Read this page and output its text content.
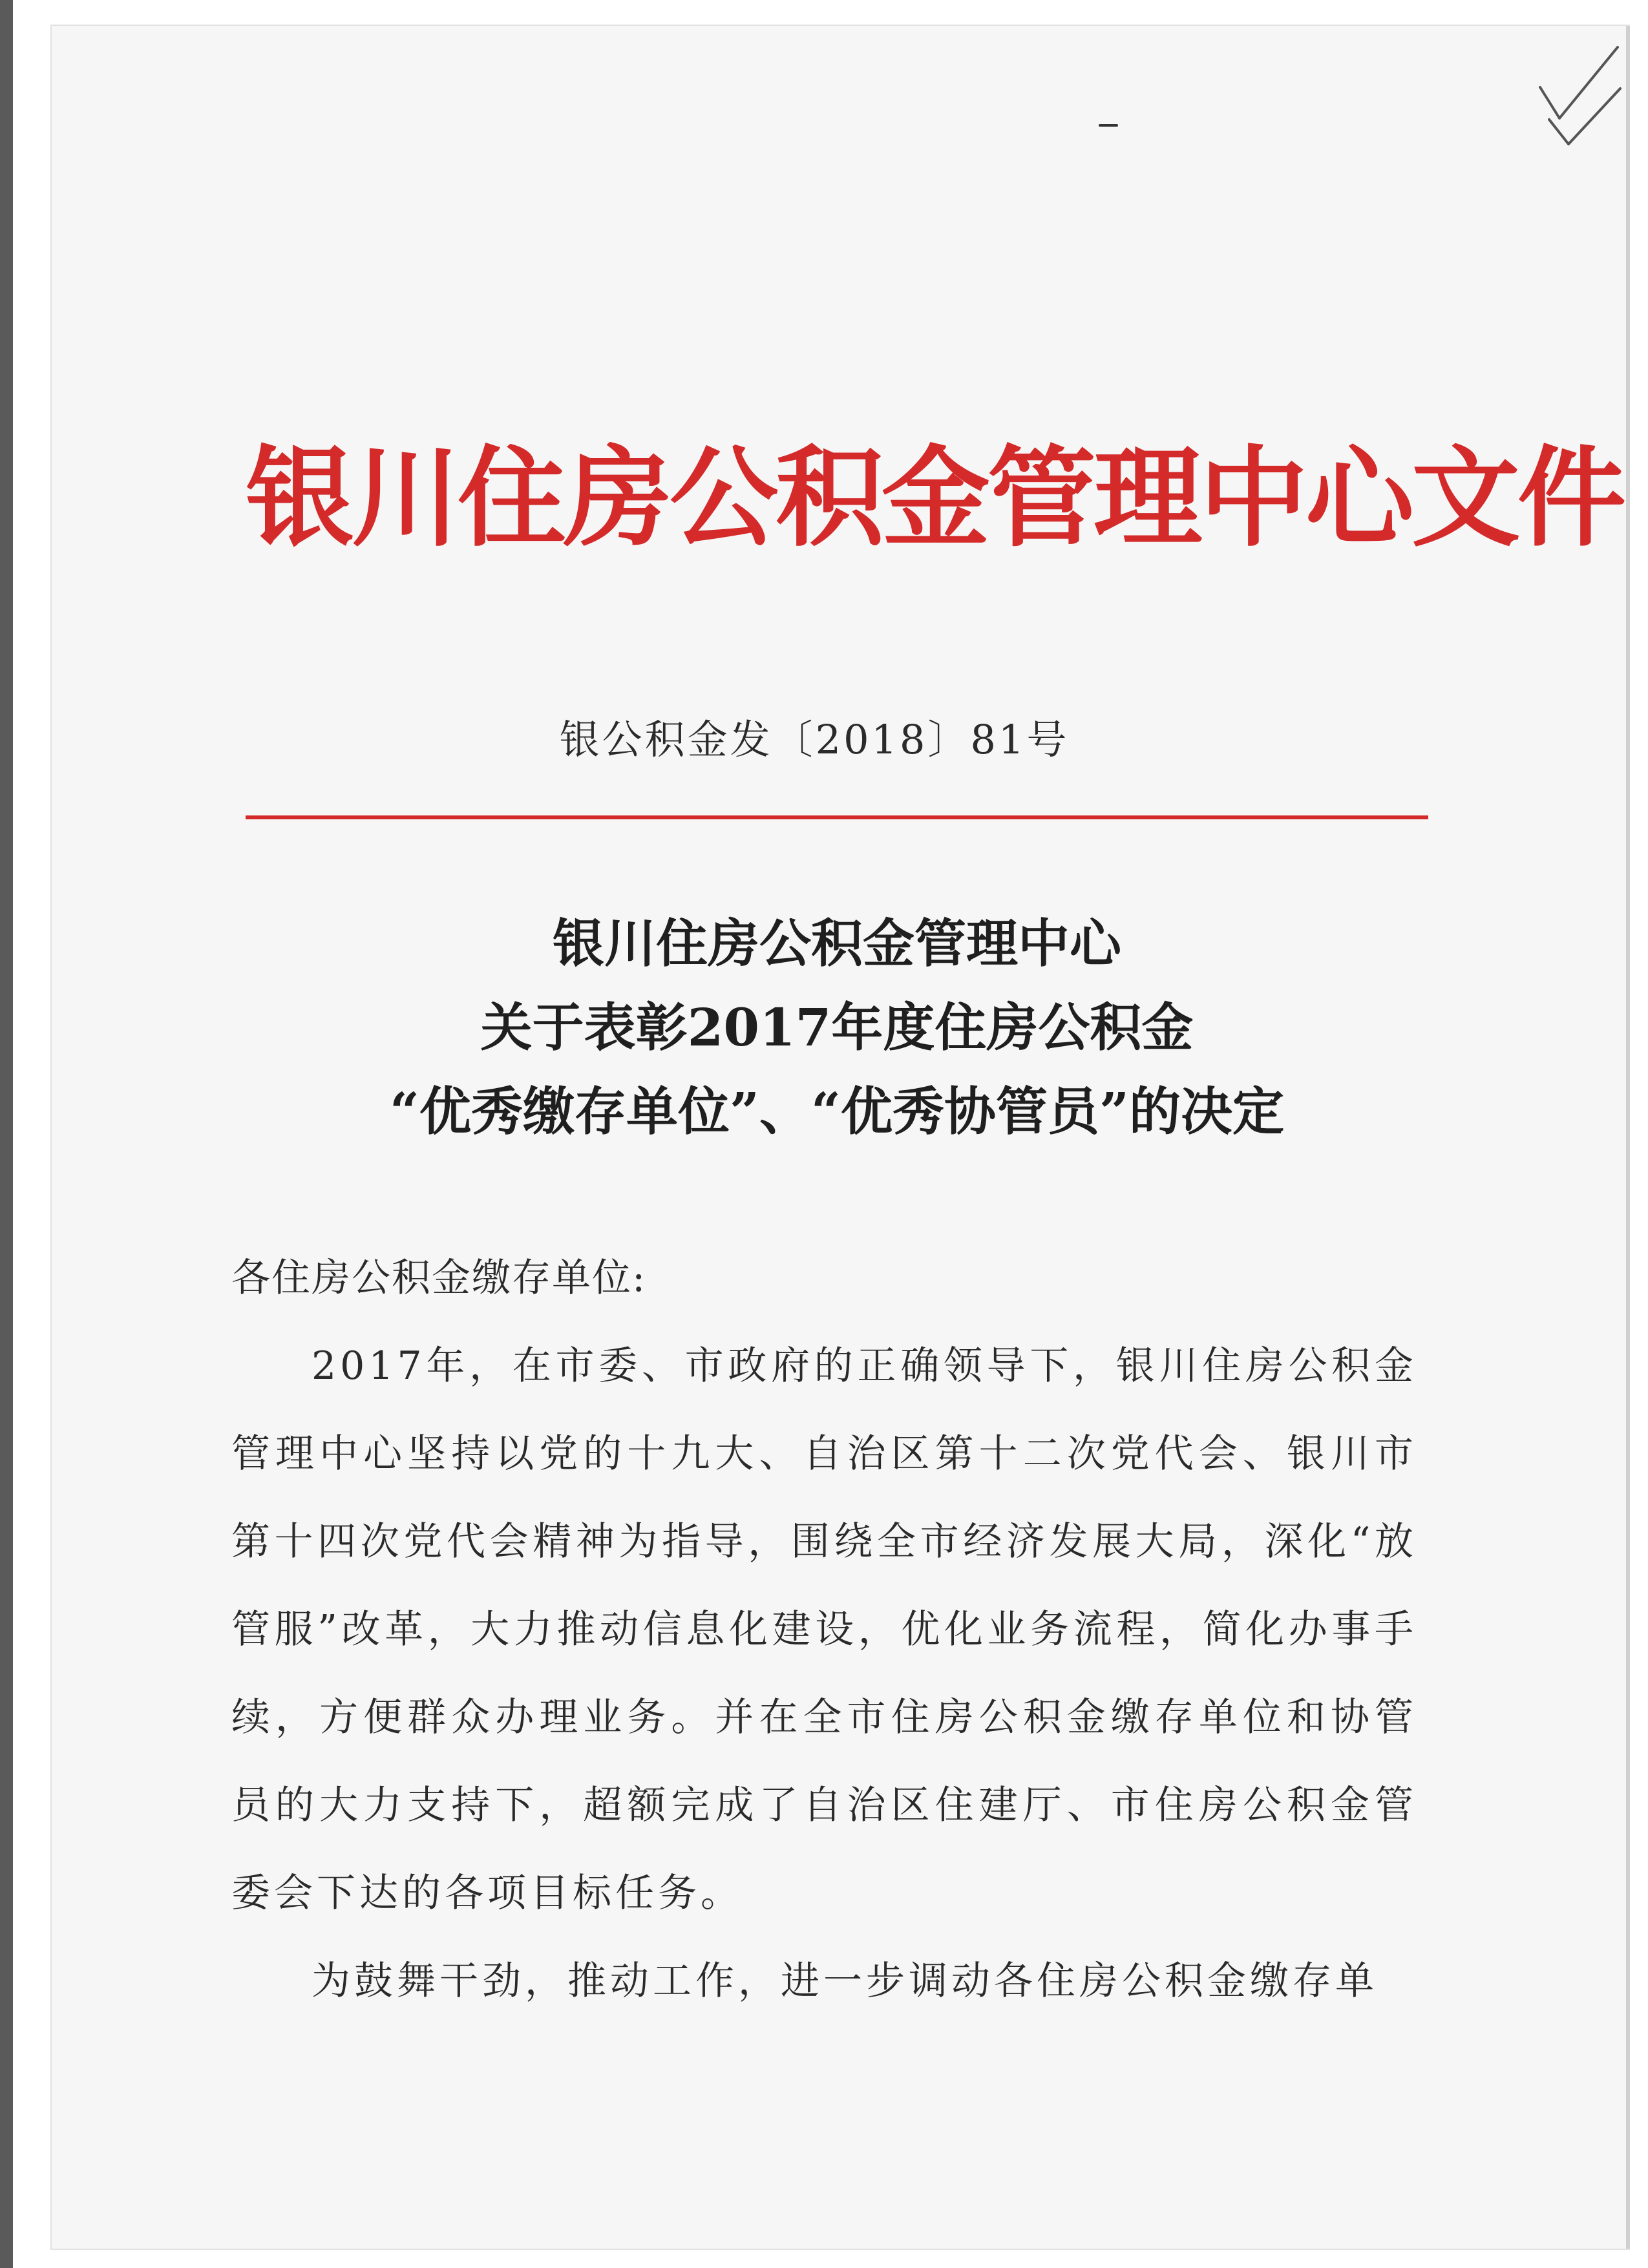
银川住房公积金管理中心文件
银公积金发〔2018〕81号
银川住房公积金管理中心
关于表彰2017年度住房公积金
“优秀缴存单位”、“优秀协管员”的决定
各住房公积金缴存单位:
2017年，在市委、市政府的正确领导下，银川住房公积金管理中心坚持以党的十九大、自治区第十二次党代会、银川市第十四次党代会精神为指导，围绕全市经济发展大局，深化“放管服”改革，大力推动信息化建设，优化业务流程，简化办事手续，方便群众办理业务。并在全市住房公积金缴存单位和协管员的大力支持下，超额完成了自治区住建厅、市住房公积金管委会下达的各项目标任务。
为鼓舞干劲，推动工作，进一步调动各住房公积金缴存单
